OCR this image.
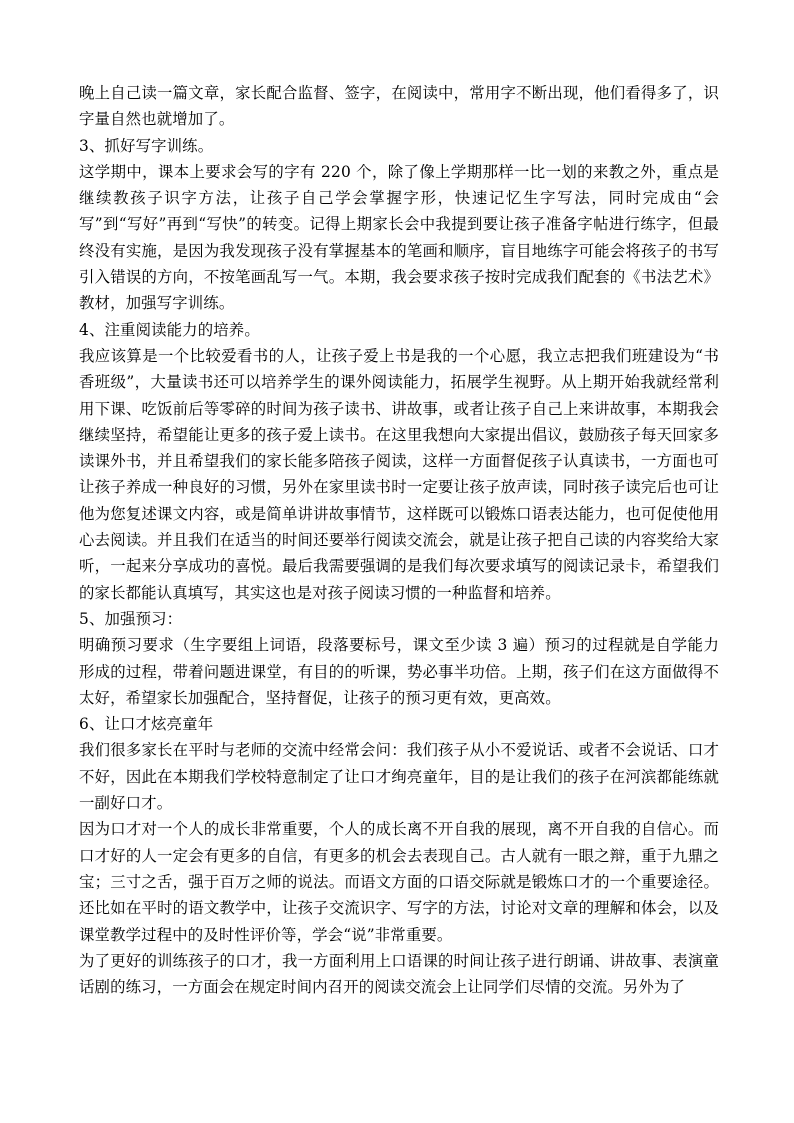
晚上自己读一篇文章，家长配合监督、签字，在阅读中，常用字不断出现，他们看得多了，识字量自然也就增加了。

3、抓好写字训练。

这学期中，课本上要求会写的字有 220 个，除了像上学期那样一比一划的来教之外，重点是继续教孩子识字方法，让孩子自己学会掌握字形，快速记忆生字写法，同时完成由“会写”到“写好”再到“写快”的转变。记得上期家长会中我提到要让孩子准备字帖进行练字，但最终没有实施，是因为我发现孩子没有掌握基本的笔画和顺序，盲目地练字可能会将孩子的书写引入错误的方向，不按笔画乱写一气。本期，我会要求孩子按时完成我们配套的《书法艺术》教材，加强写字训练。

4、注重阅读能力的培养。

我应该算是一个比较爱看书的人，让孩子爱上书是我的一个心愿，我立志把我们班建设为“书香班级”，大量读书还可以培养学生的课外阅读能力，拓展学生视野。从上期开始我就经常利用下课、吃饭前后等零碎的时间为孩子读书、讲故事，或者让孩子自己上来讲故事，本期我会继续坚持，希望能让更多的孩子爱上读书。在这里我想向大家提出倡议，鼓励孩子每天回家多读课外书，并且希望我们的家长能多陪孩子阅读，这样一方面督促孩子认真读书，一方面也可让孩子养成一种良好的习惯，另外在家里读书时一定要让孩子放声读，同时孩子读完后也可让他为您复述课文内容，或是简单讲讲故事情节，这样既可以锻炼口语表达能力，也可促使他用心去阅读。并且我们在适当的时间还要举行阅读交流会，就是让孩子把自己读的内容奖给大家听，一起来分享成功的喜悦。最后我需要强调的是我们每次要求填写的阅读记录卡，希望我们的家长都能认真填写，其实这也是对孩子阅读习惯的一种监督和培养。

5、加强预习：

明确预习要求（生字要组上词语，段落要标号，课文至少读 3 遍）预习的过程就是自学能力形成的过程，带着问题进课堂，有目的的听课，势必事半功倍。上期，孩子们在这方面做得不太好，希望家长加强配合，坚持督促，让孩子的预习更有效，更高效。

6、让口才炫亮童年

我们很多家长在平时与老师的交流中经常会问：我们孩子从小不爱说话、或者不会说话、口才不好，因此在本期我们学校特意制定了让口才绚亮童年，目的是让我们的孩子在河滨都能练就一副好口才。

因为口才对一个人的成长非常重要，个人的成长离不开自我的展现，离不开自我的自信心。而口才好的人一定会有更多的自信，有更多的机会去表现自己。古人就有一眼之辩，重于九鼎之宝；三寸之舌，强于百万之师的说法。而语文方面的口语交际就是锻炼口才的一个重要途径。还比如在平时的语文教学中，让孩子交流识字、写字的方法，讨论对文章的理解和体会，以及课堂教学过程中的及时性评价等，学会“说”非常重要。

为了更好的训练孩子的口才，我一方面利用上口语课的时间让孩子进行朗诵、讲故事、表演童话剧的练习，一方面会在规定时间内召开的阅读交流会上让同学们尽情的交流。另外为了
